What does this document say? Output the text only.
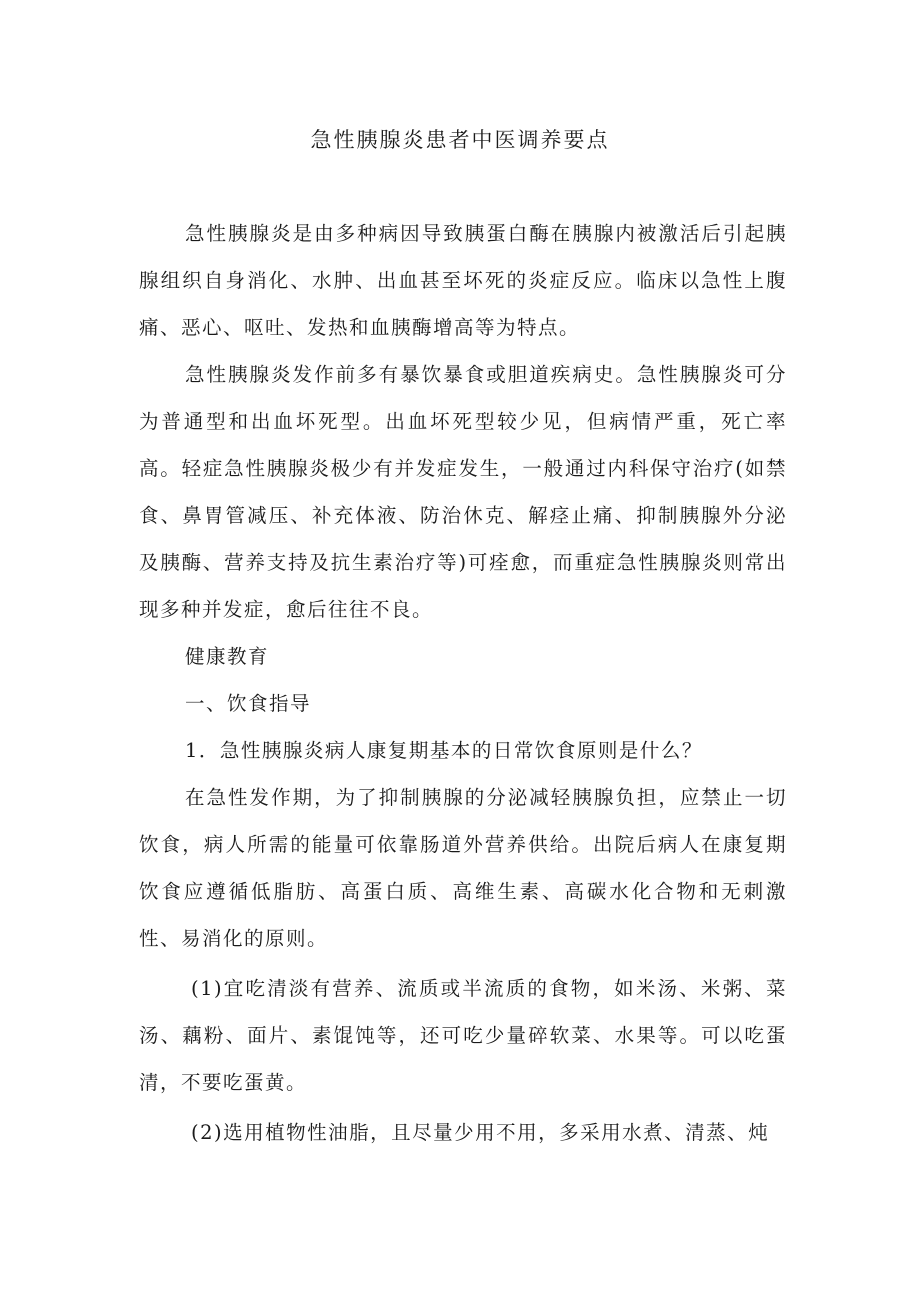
急性胰腺炎患者中医调养要点

急性胰腺炎是由多种病因导致胰蛋白酶在胰腺内被激活后引起胰腺组织自身消化、水肿、出血甚至坏死的炎症反应。临床以急性上腹痛、恶心、呕吐、发热和血胰酶增高等为特点。

急性胰腺炎发作前多有暴饮暴食或胆道疾病史。急性胰腺炎可分为普通型和出血坏死型。出血坏死型较少见，但病情严重，死亡率高。轻症急性胰腺炎极少有并发症发生，一般通过内科保守治疗(如禁食、鼻胃管减压、补充体液、防治休克、解痉止痛、抑制胰腺外分泌及胰酶、营养支持及抗生素治疗等)可痊愈，而重症急性胰腺炎则常出现多种并发症，愈后往往不良。

健康教育

一、饮食指导

1．急性胰腺炎病人康复期基本的日常饮食原则是什么？

在急性发作期，为了抑制胰腺的分泌减轻胰腺负担，应禁止一切饮食，病人所需的能量可依靠肠道外营养供给。出院后病人在康复期饮食应遵循低脂肪、高蛋白质、高维生素、高碳水化合物和无刺激性、易消化的原则。

(1)宜吃清淡有营养、流质或半流质的食物，如米汤、米粥、菜汤、藕粉、面片、素馄饨等，还可吃少量碎软菜、水果等。可以吃蛋清，不要吃蛋黄。

(2)选用植物性油脂，且尽量少用不用，多采用水煮、清蒸、炖
